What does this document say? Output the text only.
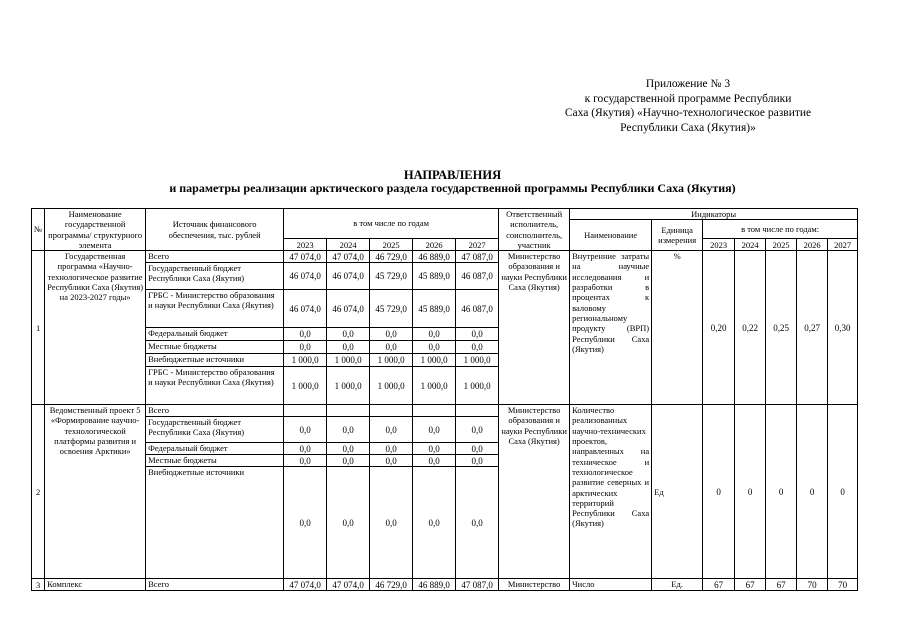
Приложение № 3
к государственной программе Республики
Саха (Якутия) «Научно-технологическое развитие
Республики Саха (Якутия)»
НАПРАВЛЕНИЯ
и параметры реализации арктического раздела государственной программы Республики Саха (Якутия)
№	Наименование государственной программы/ структурного элемента	Источник финансового обеспечения, тыс. рублей	в том числе по годам					Ответственный исполнитель, соисполнитель, участник	Индикаторы						
									Наименование	Единица измерения	в том числе по годам:				
			2023	2024	2025	2026	2027				2023	2024	2025	2026	2027
1	Государственная программа «Научно-технологическое развитие Республики Саха (Якутия) на 2023-2027 годы»	Всего	47 074,0	47 074,0	46 729,0	46 889,0	47 087,0	Министерство образования и науки Республики Саха (Якутия)	Внутренние затраты на научные исследования и разработки в процентах к валовому региональному продукту (ВРП) Республики Саха (Якутия)	%	0,20	0,22	0,25	0,27	0,30
		Государственный бюджет Республики Саха (Якутия)	46 074,0	46 074,0	45 729,0	45 889,0	46 087,0								
		ГРБС - Министерство образования и науки Республики Саха (Якутия)	46 074,0	46 074,0	45 729,0	45 889,0	46 087,0								
		Федеральный бюджет	0,0	0,0	0,0	0,0	0,0								
		Местные бюджеты	0,0	0,0	0,0	0,0	0,0								
		Внебюджетные источники	1 000,0	1 000,0	1 000,0	1 000,0	1 000,0								
		ГРБС - Министерство образования и науки Республики Саха (Якутия)	1 000,0	1 000,0	1 000,0	1 000,0	1 000,0								
2	Ведомственный проект 5 «Формирование научно-технологической платформы развития и освоения Арктики»	Всего						Министерство образования и науки Республики Саха (Якутия)	Количество реализованных научно-технических проектов, направленных на техническое и технологическое развитие северных и арктических территорий Республики Саха (Якутия)	Ед	0	0	0	0	0
		Государственный бюджет Республики Саха (Якутия)	0,0	0,0	0,0	0,0	0,0								
		Федеральный бюджет	0,0	0,0	0,0	0,0	0,0								
		Местные бюджеты	0,0	0,0	0,0	0,0	0,0								
		Внебюджетные источники	0,0	0,0	0,0	0,0	0,0								
3	Комплекс	Всего	47 074,0	47 074,0	46 729,0	46 889,0	47 087,0	Министерство	Число	Ед.	67	67	67	70	70
